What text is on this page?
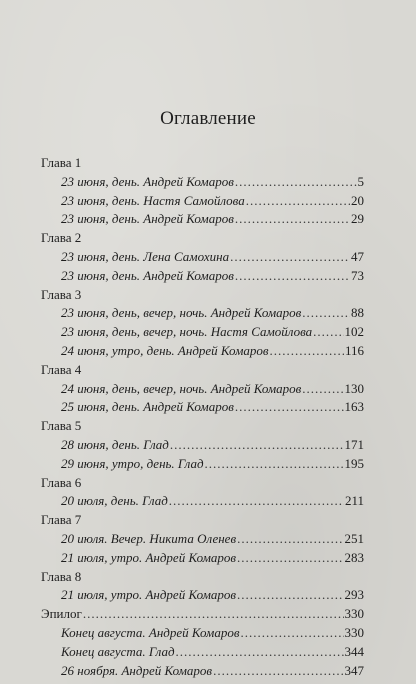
Оглавление
Глава 1
23 июня, день. Андрей Комаров .....	5
23 июня, день. Настя Самойлова .....	20
23 июня, день. Андрей Комаров .....	29
Глава 2
23 июня, день. Лена Самохина .....	47
23 июня, день. Андрей Комаров .....	73
Глава 3
23 июня, день, вечер, ночь. Андрей Комаров .....	88
23 июня, день, вечер, ночь. Настя Самойлова ..... 102
24 июня, утро, день. Андрей Комаров .....	116
Глава 4
24 июня, день, вечер, ночь. Андрей Комаров .....	130
25 июня, день. Андрей Комаров .....	163
Глава 5
28 июня, день. Глад .....	171
29 июня, утро, день. Глад .....	195
Глава 6
20 июля, день. Глад .....	211
Глава 7
20 июля. Вечер. Никита Оленев .....	251
21 июля, утро. Андрей Комаров .....	283
Глава 8
21 июля, утро. Андрей Комаров .....	293
Эпилог .....	330
Конец августа. Андрей Комаров .....	330
Конец августа. Глад .....	344
26 ноября. Андрей Комаров .....	347
